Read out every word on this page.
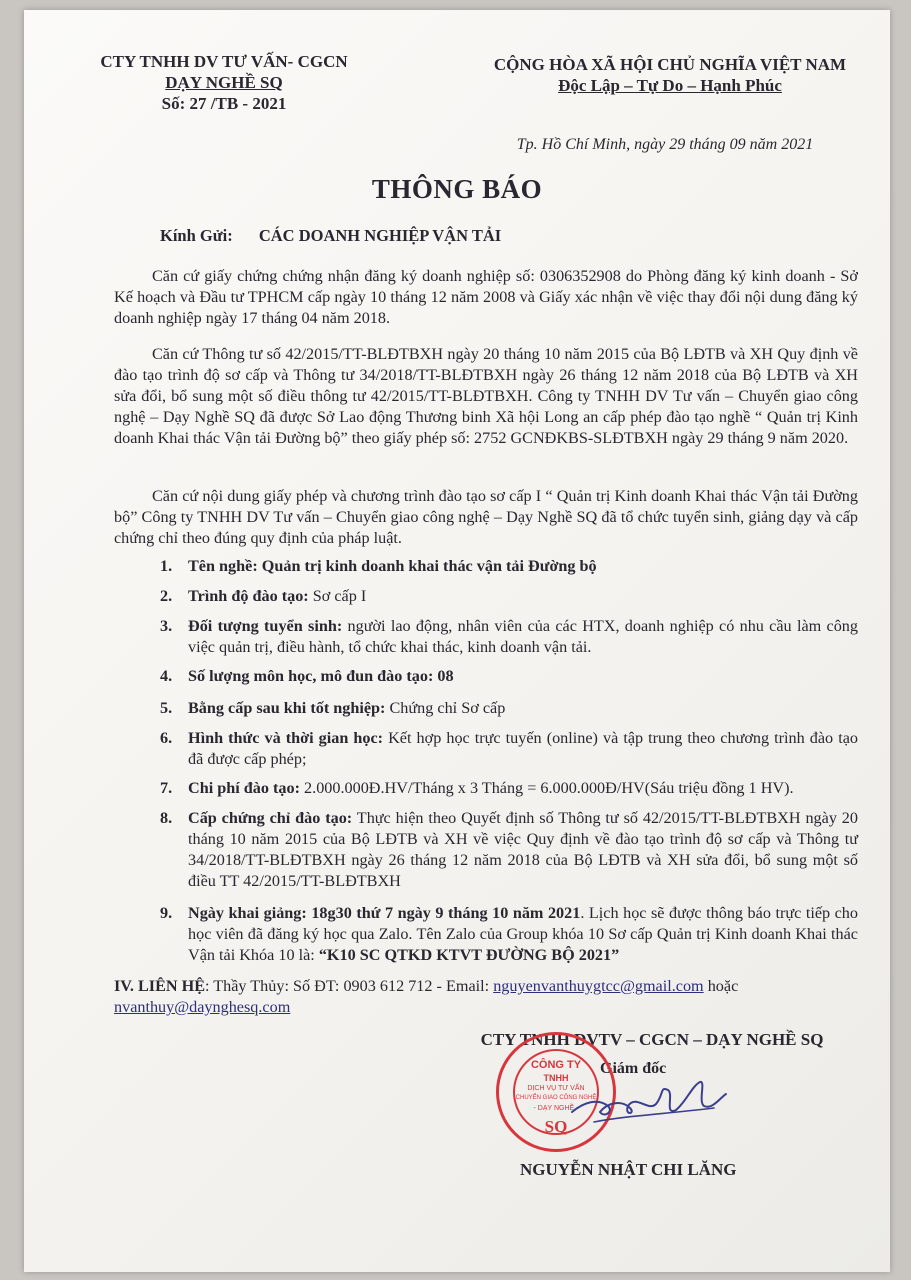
CTY TNHH DV TƯ VẤN- CGCN
DẠY NGHỀ SQ
Số: 27 /TB - 2021
CỘNG HÒA XÃ HỘI CHỦ NGHĨA VIỆT NAM
Độc Lập – Tự Do – Hạnh Phúc
Tp. Hồ Chí Minh, ngày 29 tháng 09 năm 2021
THÔNG BÁO
Kính Gửi: CÁC DOANH NGHIỆP VẬN TẢI
Căn cứ giấy chứng chứng nhận đăng ký doanh nghiệp số: 0306352908 do Phòng đăng ký kinh doanh - Sở Kế hoạch và Đầu tư TPHCM cấp ngày 10 tháng 12 năm 2008 và Giấy xác nhận về việc thay đổi nội dung đăng ký doanh nghiệp ngày 17 tháng 04 năm 2018.
Căn cứ Thông tư số 42/2015/TT-BLĐTBXH ngày 20 tháng 10 năm 2015 của Bộ LĐTB và XH Quy định về đào tạo trình độ sơ cấp và Thông tư 34/2018/TT-BLĐTBXH ngày 26 tháng 12 năm 2018 của Bộ LĐTB và XH sửa đổi, bổ sung một số điều thông tư 42/2015/TT-BLĐTBXH. Công ty TNHH DV Tư vấn – Chuyển giao công nghệ – Dạy Nghề SQ đã được Sở Lao động Thương binh Xã hội Long an cấp phép đào tạo nghề “ Quản trị Kinh doanh Khai thác Vận tải Đường bộ” theo giấy phép số: 2752 GCNĐKBS-SLĐTBXH ngày 29 tháng 9 năm 2020.
Căn cứ nội dung giấy phép và chương trình đào tạo sơ cấp I “ Quản trị Kinh doanh Khai thác Vận tải Đường bộ” Công ty TNHH DV Tư vấn – Chuyển giao công nghệ – Dạy Nghề SQ đã tổ chức tuyển sinh, giảng dạy và cấp chứng chỉ theo đúng quy định của pháp luật.
1. Tên nghề: Quản trị kinh doanh khai thác vận tải Đường bộ
2. Trình độ đào tạo: Sơ cấp I
3. Đối tượng tuyển sinh: người lao động, nhân viên của các HTX, doanh nghiệp có nhu cầu làm công việc quản trị, điều hành, tổ chức khai thác, kinh doanh vận tải.
4. Số lượng môn học, mô đun đào tạo: 08
5. Bằng cấp sau khi tốt nghiệp: Chứng chỉ Sơ cấp
6. Hình thức và thời gian học: Kết hợp học trực tuyến (online) và tập trung theo chương trình đào tạo đã được cấp phép;
7. Chi phí đào tạo: 2.000.000Đ.HV/Tháng x 3 Tháng = 6.000.000Đ/HV(Sáu triệu đồng 1 HV).
8. Cấp chứng chỉ đào tạo: Thực hiện theo Quyết định số Thông tư số 42/2015/TT-BLĐTBXH ngày 20 tháng 10 năm 2015 của Bộ LĐTB và XH về việc Quy định về đào tạo trình độ sơ cấp và Thông tư 34/2018/TT-BLĐTBXH ngày 26 tháng 12 năm 2018 của Bộ LĐTB và XH sửa đổi, bổ sung một số điều TT 42/2015/TT-BLĐTBXH
9. Ngày khai giảng: 18g30 thứ 7 ngày 9 tháng 10 năm 2021. Lịch học sẽ được thông báo trực tiếp cho học viên đã đăng ký học qua Zalo. Tên Zalo của Group khóa 10 Sơ cấp Quản trị Kinh doanh Khai thác Vận tải Khóa 10 là: “K10 SC QTKD KTVT ĐƯỜNG BỘ 2021”
IV. LIÊN HỆ: Thầy Thủy: Số ĐT: 0903 612 712 - Email: nguyenvanthuygtcc@gmail.com hoặc
nvanthuy@daynghesq.com
CTY TNHH DVTV – CGCN – DẠY NGHỀ SQ
Giám đốc
CÔNG TY
TNHH
DỊCH VỤ TƯ VẤN
CHUYỂN GIAO CÔNG NGHỆ
- DẠY NGHỀ -
SQ
NGUYỄN NHẬT CHI LĂNG
